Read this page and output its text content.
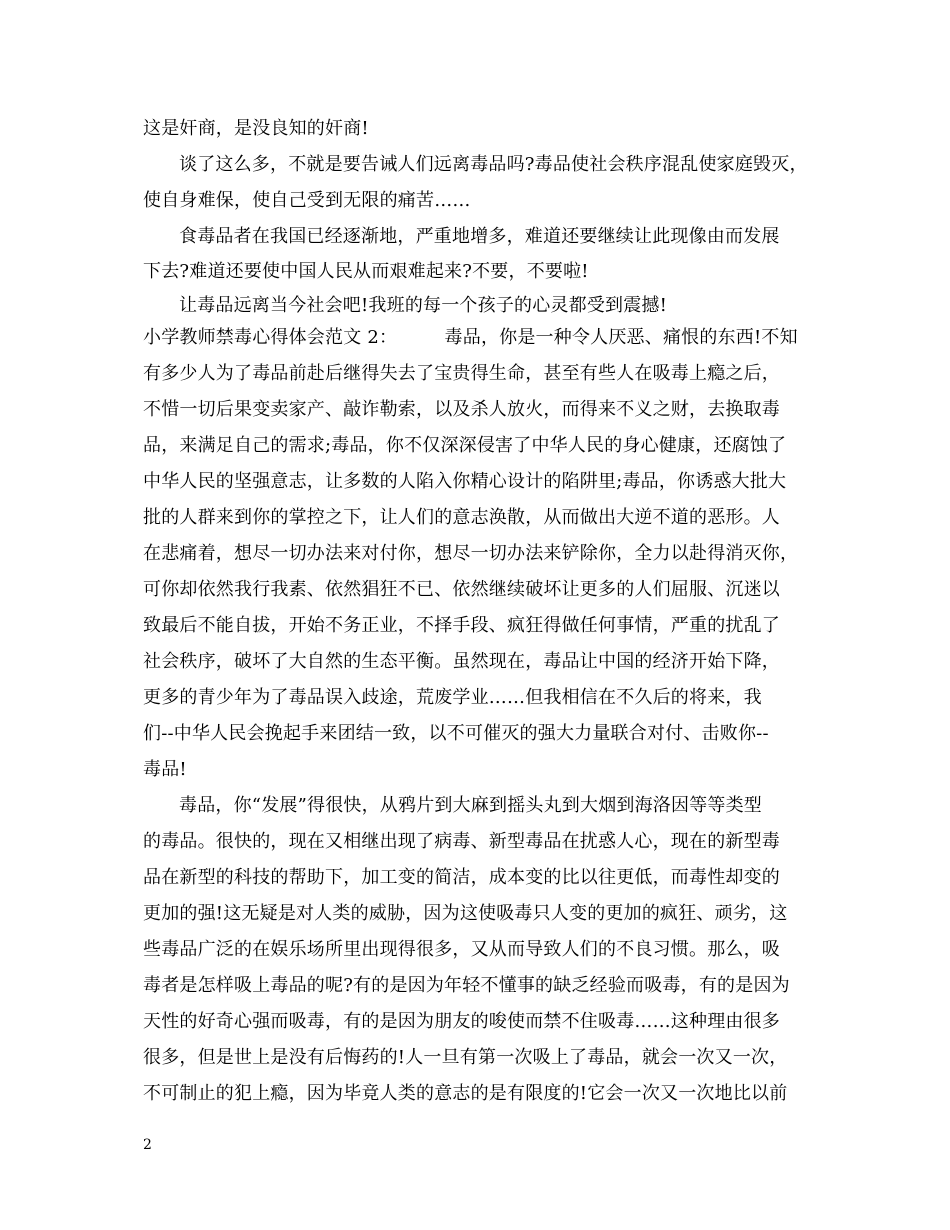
这是奸商，是没良知的奸商!
谈了这么多，不就是要告诫人们远离毒品吗?毒品使社会秩序混乱使家庭毁灭，
使自身难保，使自己受到无限的痛苦……
食毒品者在我国已经逐渐地，严重地增多，难道还要继续让此现像由而发展
下去?难道还要使中国人民从而艰难起来?不要，不要啦!
让毒品远离当今社会吧!我班的每一个孩子的心灵都受到震撼!
小学教师禁毒心得体会范文 2：        毒品，你是一种令人厌恶、痛恨的东西!不知
有多少人为了毒品前赴后继得失去了宝贵得生命，甚至有些人在吸毒上瘾之后，
不惜一切后果变卖家产、敲诈勒索，以及杀人放火，而得来不义之财，去换取毒
品，来满足自己的需求;毒品，你不仅深深侵害了中华人民的身心健康，还腐蚀了
中华人民的坚强意志，让多数的人陷入你精心设计的陷阱里;毒品，你诱惑大批大
批的人群来到你的掌控之下，让人们的意志涣散，从而做出大逆不道的恶形。人
在悲痛着，想尽一切办法来对付你，想尽一切办法来铲除你，全力以赴得消灭你，
可你却依然我行我素、依然猖狂不已、依然继续破坏让更多的人们屈服、沉迷以
致最后不能自拔，开始不务正业，不择手段、疯狂得做任何事情，严重的扰乱了
社会秩序，破坏了大自然的生态平衡。虽然现在，毒品让中国的经济开始下降，
更多的青少年为了毒品误入歧途，荒废学业……但我相信在不久后的将来，我
们--中华人民会挽起手来团结一致，以不可催灭的强大力量联合对付、击败你--
毒品!
毒品，你“发展”得很快，从鸦片到大麻到摇头丸到大烟到海洛因等等类型
的毒品。很快的，现在又相继出现了病毒、新型毒品在扰惑人心，现在的新型毒
品在新型的科技的帮助下，加工变的简洁，成本变的比以往更低，而毒性却变的
更加的强!这无疑是对人类的威胁，因为这使吸毒只人变的更加的疯狂、顽劣，这
些毒品广泛的在娱乐场所里出现得很多，又从而导致人们的不良习惯。那么，吸
毒者是怎样吸上毒品的呢?有的是因为年轻不懂事的缺乏经验而吸毒，有的是因为
天性的好奇心强而吸毒，有的是因为朋友的唆使而禁不住吸毒……这种理由很多
很多，但是世上是没有后悔药的!人一旦有第一次吸上了毒品，就会一次又一次，
不可制止的犯上瘾，因为毕竟人类的意志的是有限度的!它会一次又一次地比以前
2
